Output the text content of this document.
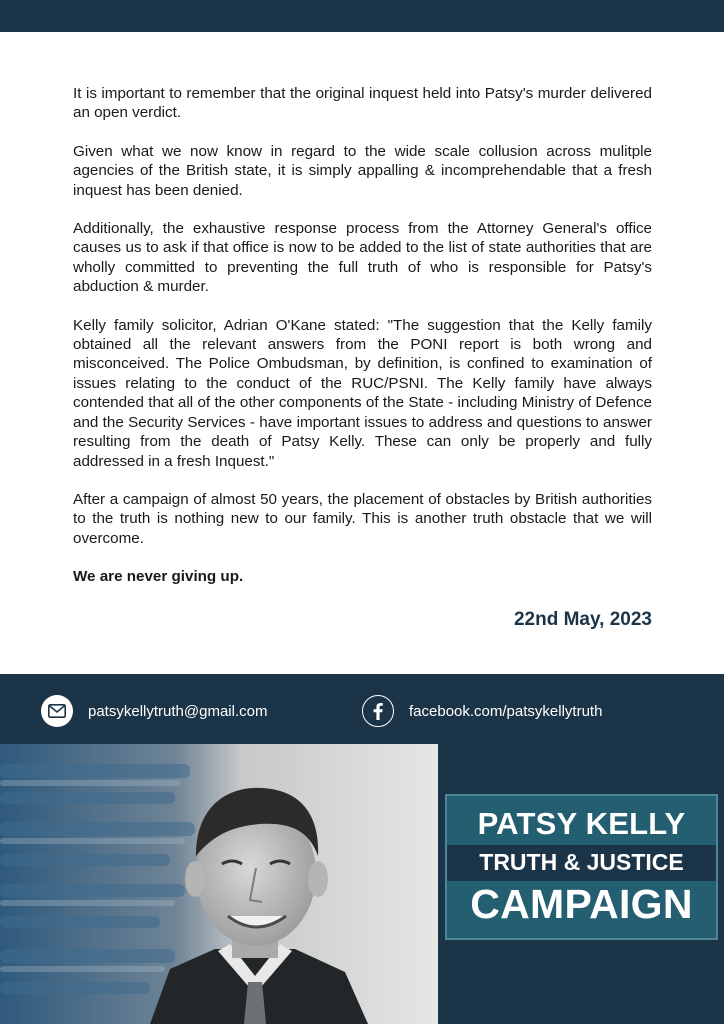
It is important to remember that the original inquest held into Patsy's murder delivered an open verdict.

Given what we now know in regard to the wide scale collusion across mulitple agencies of the British state, it is simply appalling & incomprehendable that a fresh inquest has been denied.

Additionally, the exhaustive response process from the Attorney General's office causes us to ask if that office is now to be added to the list of state authorities that are wholly committed to preventing the full truth of who is responsible for Patsy's abduction & murder.

Kelly family solicitor, Adrian O'Kane stated: "The suggestion that the Kelly family obtained all the relevant answers from the PONI report is both wrong and misconceived. The Police Ombudsman, by definition, is confined to examination of issues relating to the conduct of the RUC/PSNI. The Kelly family have always contended that all of the other components of the State - including Ministry of Defence and the Security Services - have important issues to address and questions to answer resulting from the death of Patsy Kelly. These can only be properly and fully addressed in a fresh Inquest."

After a campaign of almost 50 years, the placement of obstacles by British authorities to the truth is nothing new to our family. This is another truth obstacle that we will overcome.

We are never giving up.

22nd May, 2023
patsykellytruth@gmail.com	facebook.com/patsykellytruth
PATSY KELLY
TRUTH & JUSTICE
CAMPAIGN
